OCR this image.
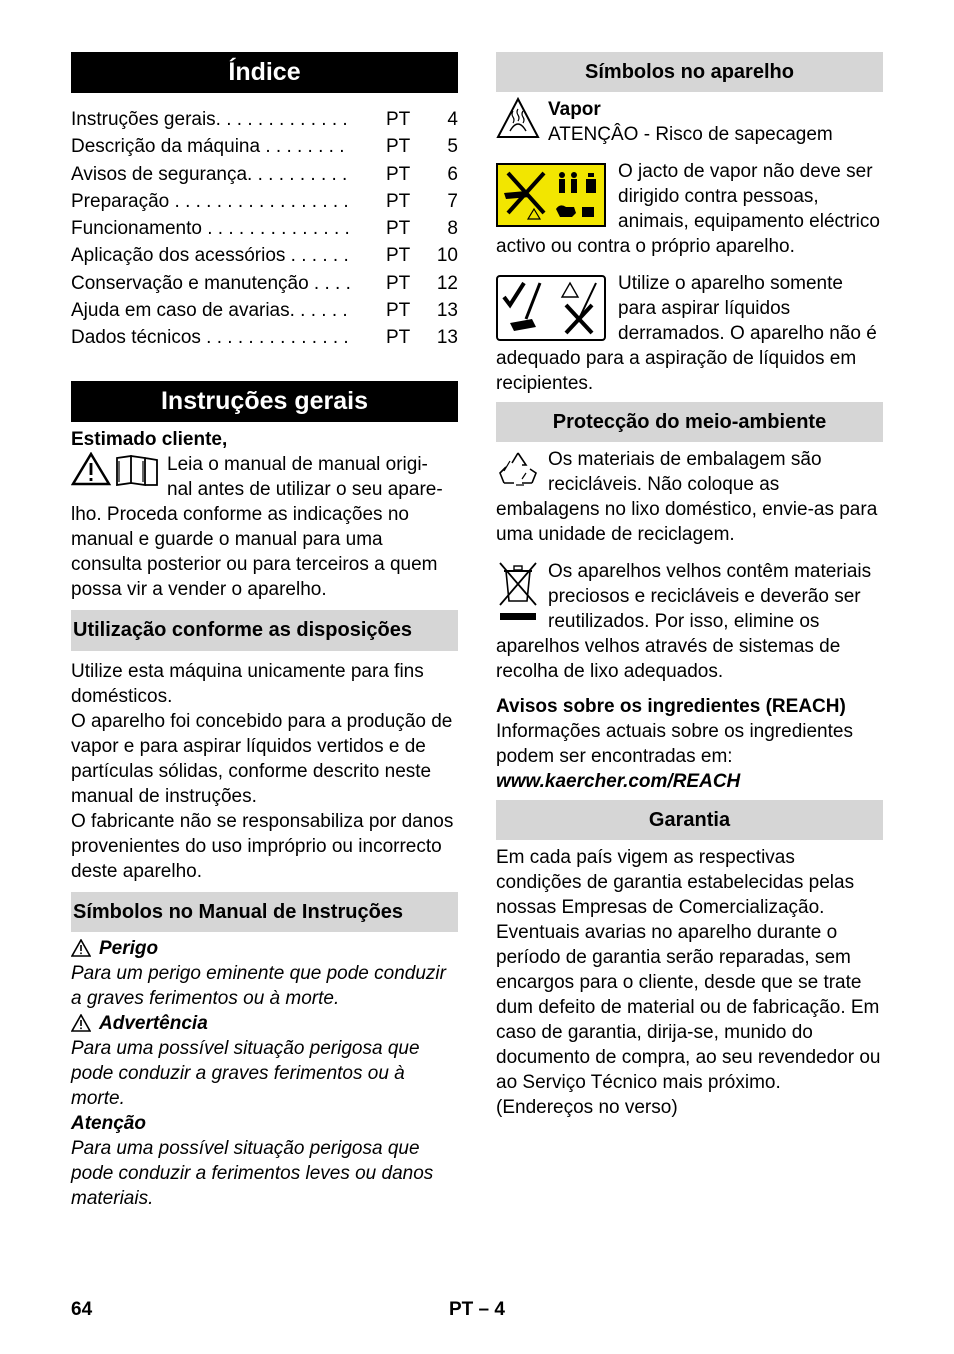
Índice
Instruções gerais. . . . . . . . . . . . .	PT	4
Descrição da máquina . . . . . . . .	PT	5
Avisos de segurança. . . . . . . . . .	PT	6
Preparação . . . . . . . . . . . . . . . . .	PT	7
Funcionamento . . . . . . . . . . . . . .	PT	8
Aplicação dos acessórios . . . . . .	PT	10
Conservação e manutenção . . . .	PT	12
Ajuda em caso de avarias. . . . . .	PT	13
Dados técnicos . . . . . . . . . . . . . .	PT	13
Instruções gerais

Estimado cliente,

Leia o manual de manual origi-

nal antes de utilizar o seu apare-

lho. Proceda conforme as indicações no manual e guarde o manual para uma consulta posterior ou para terceiros a quem possa vir a vender o aparelho.

Utilização conforme as disposições

Utilize esta máquina unicamente para fins domésticos.

O aparelho foi concebido para a produção de vapor e para aspirar líquidos vertidos e de partículas sólidas, conforme descrito neste manual de instruções.

O fabricante não se responsabiliza por danos provenientes do uso impróprio ou incorrecto deste aparelho.

Símbolos no Manual de Instruções

Perigo

Para um perigo eminente que pode conduzir a graves ferimentos ou à morte.

Advertência

Para uma possível situação perigosa que pode conduzir a graves ferimentos ou à morte.

Atenção

Para uma possível situação perigosa que pode conduzir a ferimentos leves ou danos materiais.

Símbolos no aparelho

Vapor

ATENÇÂO - Risco de sapecagem

O jacto de vapor não deve ser dirigido contra pessoas, animais, equipamento eléctrico activo ou contra o próprio aparelho.

Utilize o aparelho somente para aspirar líquidos derramados. O aparelho não é adequado para a aspiração de líquidos em recipientes.

Protecção do meio-ambiente

Os materiais de embalagem são recicláveis. Não coloque as embalagens no lixo doméstico, envie-as para uma unidade de reciclagem.

Os aparelhos velhos contêm materiais preciosos e recicláveis e deverão ser reutilizados. Por isso, elimine os aparelhos velhos através de sistemas de recolha de lixo adequados.

Avisos sobre os ingredientes (REACH)

Informações actuais sobre os ingredientes podem ser encontradas em:

www.kaercher.com/REACH

Garantia

Em cada país vigem as respectivas condições de garantia estabelecidas pelas nossas Empresas de Comercialização. Eventuais avarias no aparelho durante o período de garantia serão reparadas, sem encargos para o cliente, desde que se trate dum defeito de material ou de fabricação. Em caso de garantia, dirija-se, munido do documento de compra, ao seu revendedor ou ao Serviço Técnico mais próximo. (Endereços no verso)

64	PT – 4
